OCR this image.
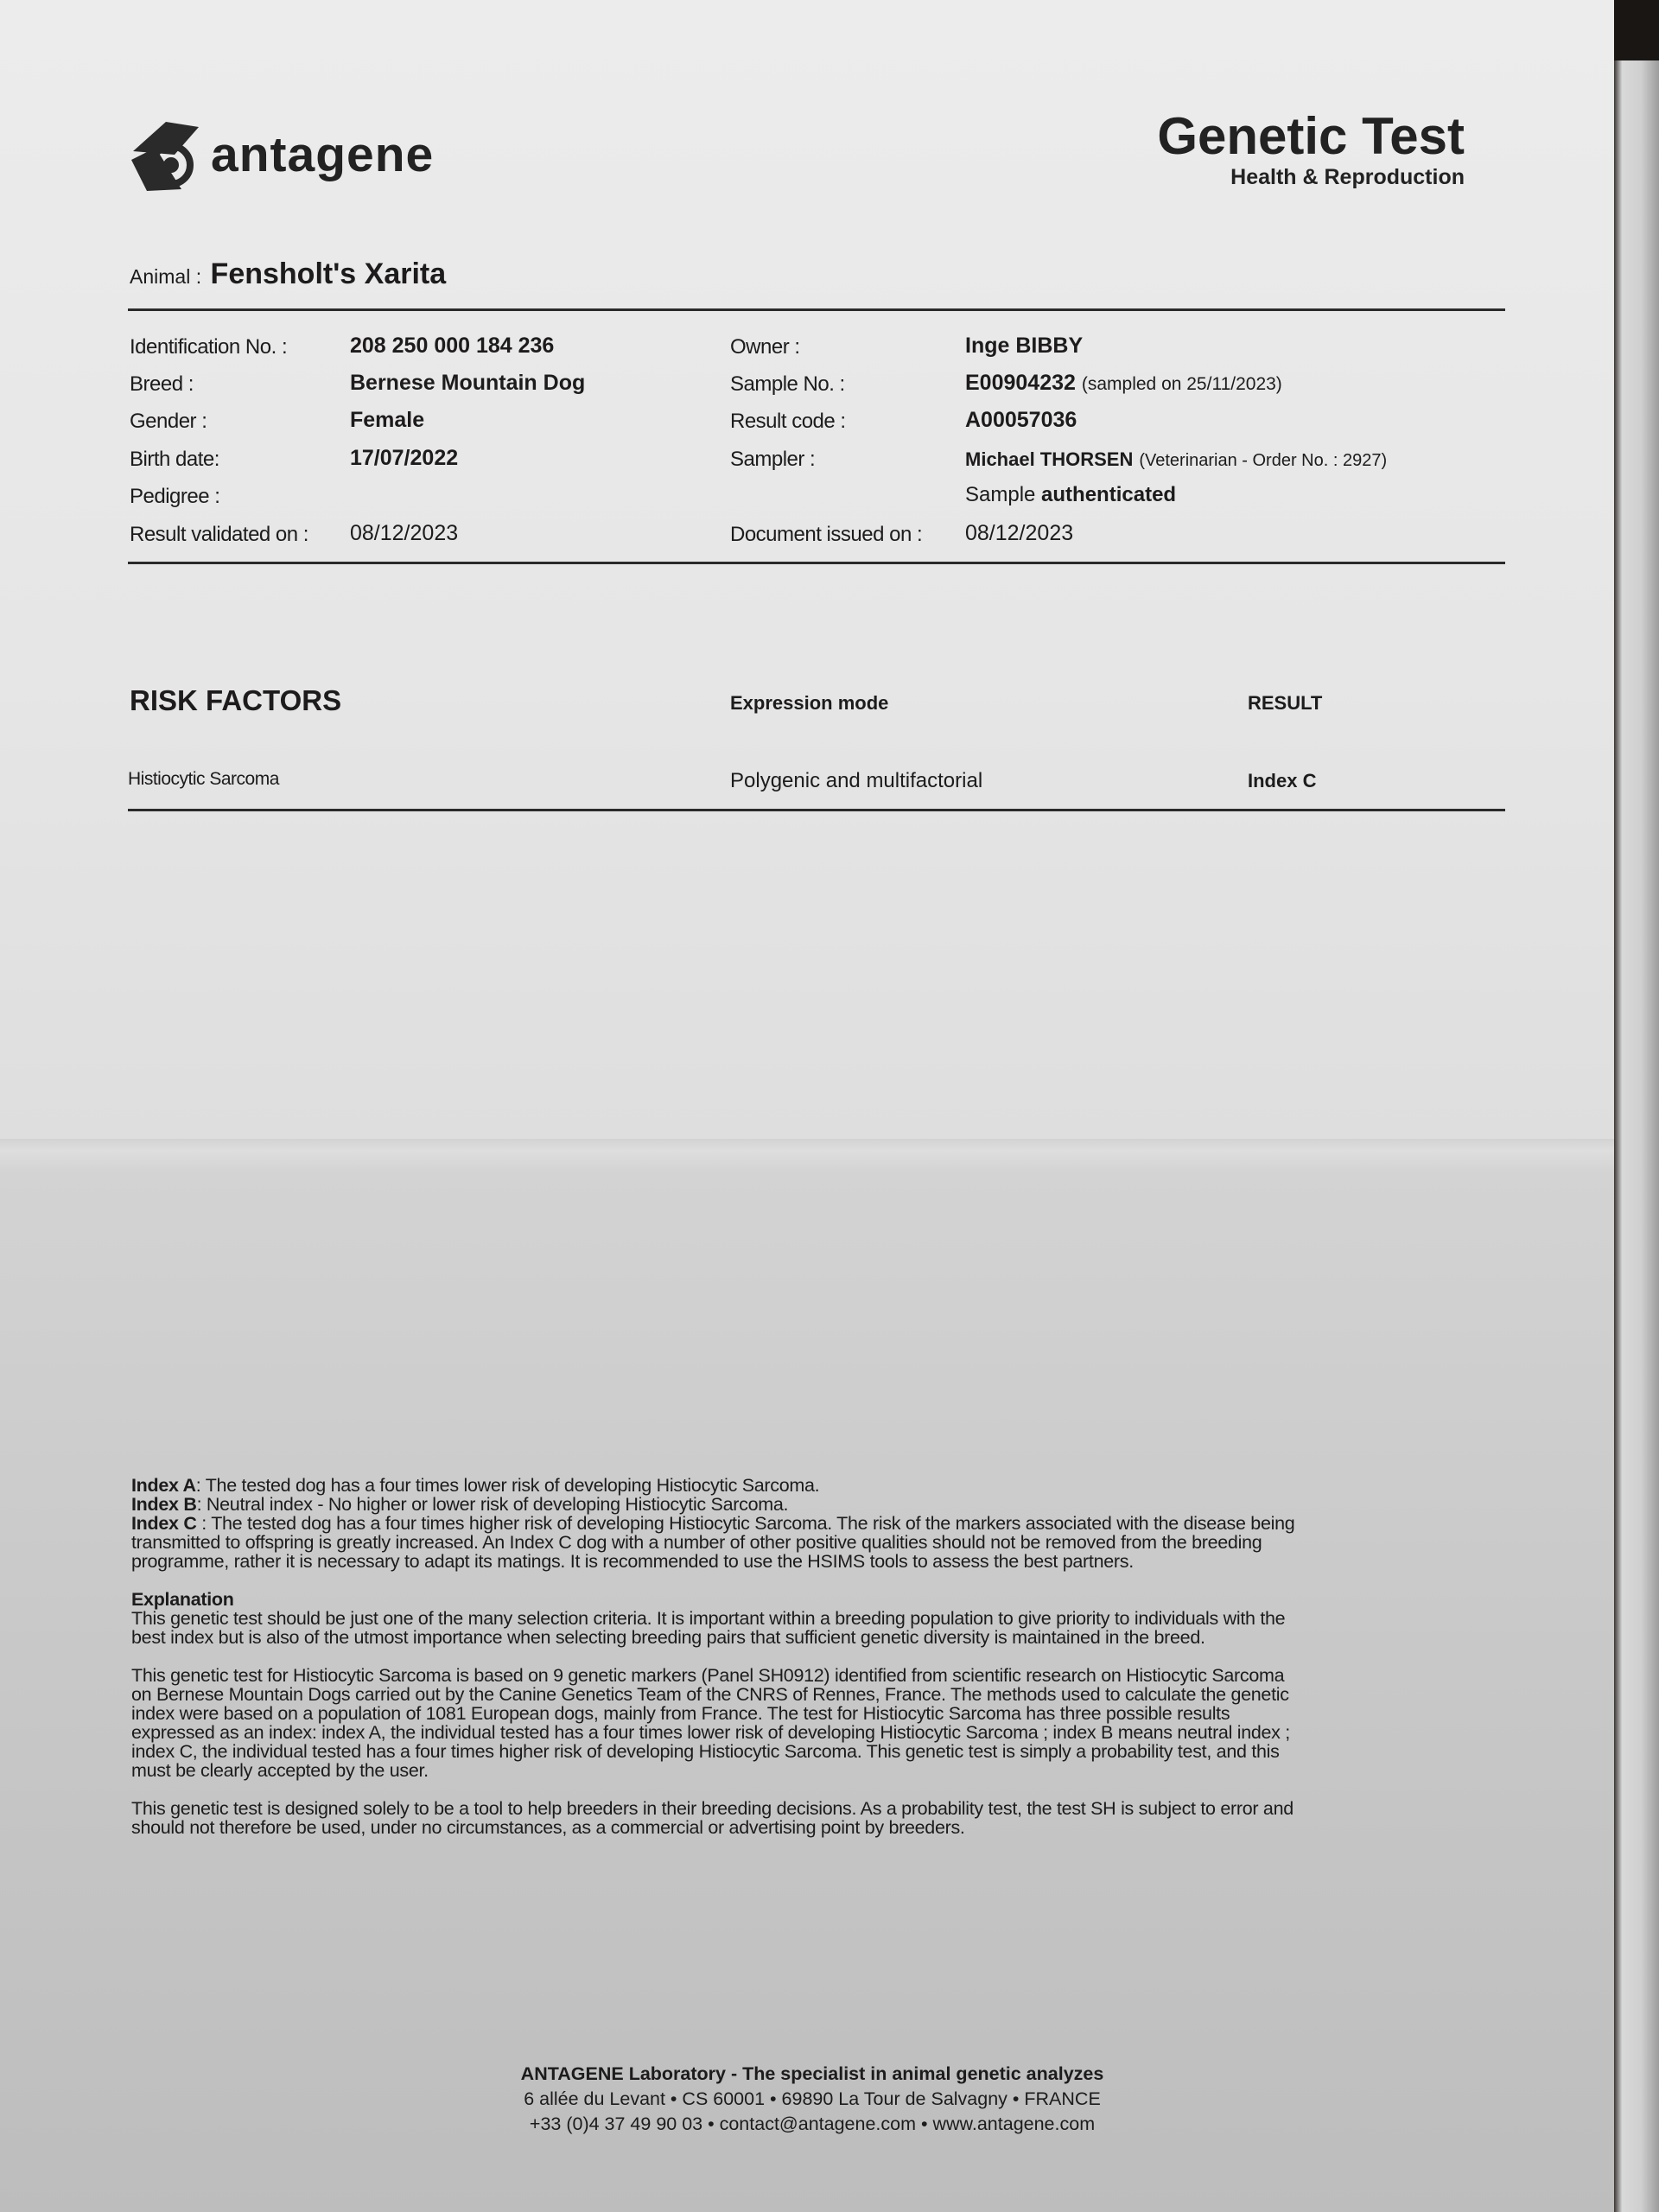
antagene	Genetic Test
Health & Reproduction
Animal : Fensholt's Xarita
Identification No. :	208 250 000 184 236
Breed :	Bernese Mountain Dog
Gender :	Female
Birth date:	17/07/2022
Pedigree :
Result validated on : 08/12/2023
Owner :	Inge BIBBY
Sample No. :	E00904232 (sampled on 25/11/2023)
Result code :	A00057036
Sampler :	Michael THORSEN (Veterinarian - Order No. : 2927)
Sample authenticated
Document issued on : 08/12/2023
RISK FACTORS	Expression mode	RESULT
Histiocytic Sarcoma	Polygenic and multifactorial	Index C
Index A: The tested dog has a four times lower risk of developing Histiocytic Sarcoma.
Index B: Neutral index - No higher or lower risk of developing Histiocytic Sarcoma.

Index C : The tested dog has a four times higher risk of developing Histiocytic Sarcoma. The risk of the markers associated with the disease being
transmitted to offspring is greatly increased. An Index C dog with a number of other positive qualities should not be removed from the breeding
programme, rather it is necessary to adapt its matings. It is recommended to use the HSIMS tools to assess the best partners.

Explanation

This genetic test should be just one of the many selection criteria. It is important within a breeding population to give priority to individuals with the
best index but is also of the utmost importance when selecting breeding pairs that sufficient genetic diversity is maintained in the breed.

This genetic test for Histiocytic Sarcoma is based on 9 genetic markers (Panel SH0912) identified from scientific research on Histiocytic Sarcoma
on Bernese Mountain Dogs carried out by the Canine Genetics Team of the CNRS of Rennes, France. The methods used to calculate the genetic
index were based on a population of 1081 European dogs, mainly from France. The test for Histiocytic Sarcoma has three possible results
expressed as an index: index A, the individual tested has a four times lower risk of developing Histiocytic Sarcoma ; index B means neutral index ;
index C, the individual tested has a four times higher risk of developing Histiocytic Sarcoma. This genetic test is simply a probability test, and this
must be clearly accepted by the user.

This genetic test is designed solely to be a tool to help breeders in their breeding decisions. As a probability test, the test SH is subject to error and
should not therefore be used, under no circumstances, as a commercial or advertising point by breeders.

ANTAGENE Laboratory - The specialist in animal genetic analyzes
6 allée du Levant • CS 60001 • 69890 La Tour de Salvagny • FRANCE
+33 (0)4 37 49 90 03 • contact@antagene.com • www.antagene.com
